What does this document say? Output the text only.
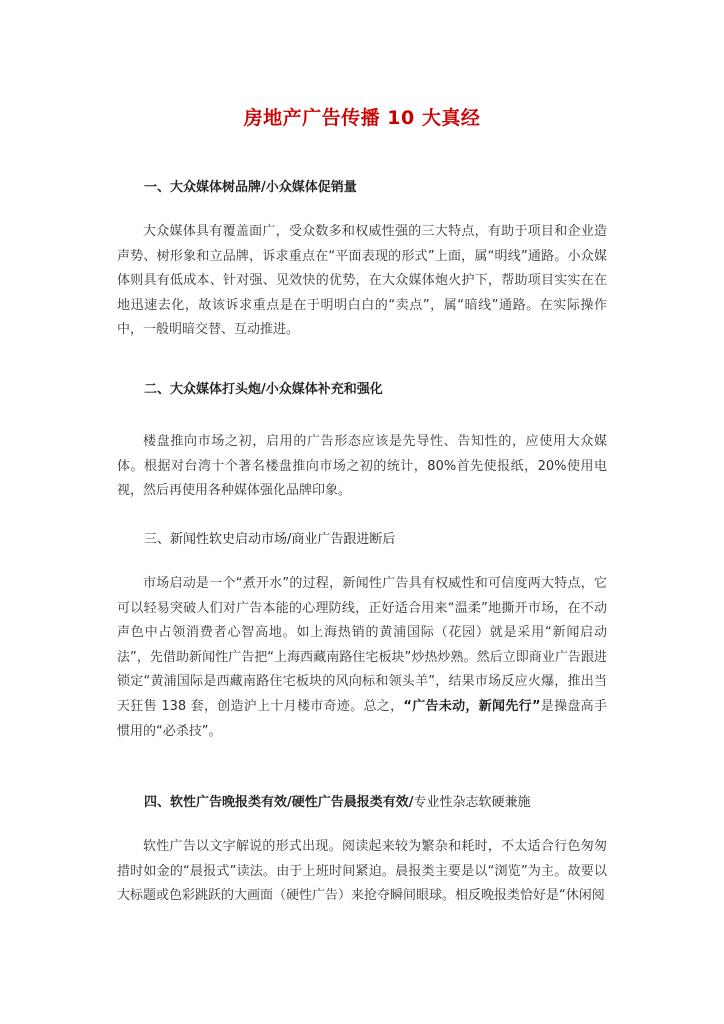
房地产广告传播 10 大真经
一、大众媒体树品牌/小众媒体促销量
大众媒体具有覆盖面广，受众数多和权威性强的三大特点，有助于项目和企业造声势、树形象和立品牌，诉求重点在“平面表现的形式”上面，属“明线”通路。小众媒体则具有低成本、针对强、见效快的优势，在大众媒体炮火护下，帮助项目实实在在地迅速去化，故该诉求重点是在于明明白白的“卖点”，属“暗线”通路。在实际操作中，一般明暗交替、互动推进。
二、大众媒体打头炮/小众媒体补充和强化
楼盘推向市场之初，启用的广告形态应该是先导性、告知性的，应使用大众媒体。根据对台湾十个著名楼盘推向市场之初的统计，80%首先使报纸，20%使用电视，然后再使用各种媒体强化品牌印象。
三、新闻性软史启动市场/商业广告跟进断后
市场启动是一个“煮开水”的过程，新闻性广告具有权威性和可信度两大特点，它可以轻易突破人们对广告本能的心理防线，正好适合用来“温柔”地撕开市场，在不动声色中占领消费者心智高地。如上海热销的黄浦国际（花园）就是采用“新闻启动法”，先借助新闻性广告把“上海西藏南路住宅板块”炒热炒熟。然后立即商业广告跟进锁定“黄浦国际是西藏南路住宅板块的风向标和领头羊”，结果市场反应火爆，推出当天狂售 138 套，创造沪上十月楼市奇迹。总之，“广告未动，新闻先行”是操盘高手惯用的“必杀技”。
四、软性广告晚报类有效/硬性广告晨报类有效/专业性杂志软硬兼施
软性广告以文字解说的形式出现。阅读起来较为繁杂和耗时，不太适合行色匆匆措时如金的“晨报式”读法。由于上班时间紧迫。晨报类主要是以“浏览”为主。故要以大标题或色彩跳跃的大画面（硬性广告）来抢夺瞬间眼球。相反晚报类恰好是“休闲阅
